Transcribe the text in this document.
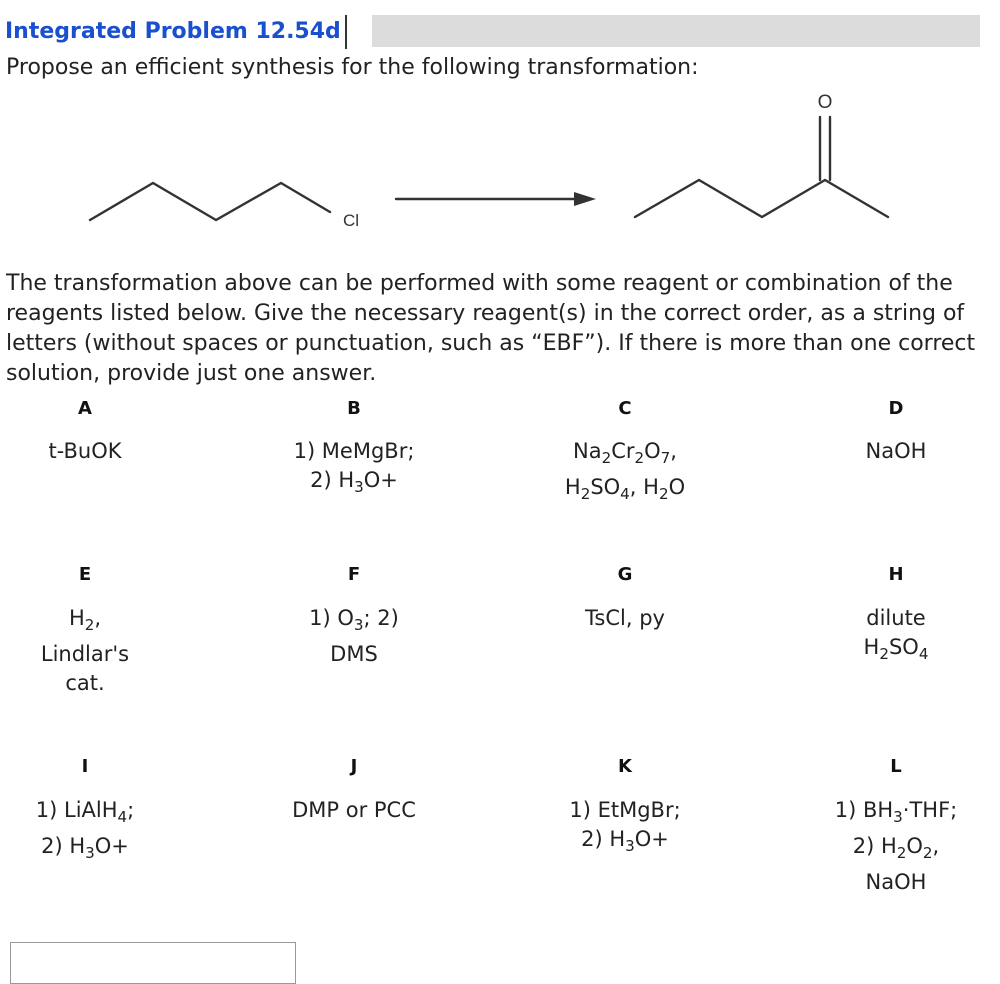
Integrated Problem 12.54d
Propose an efficient synthesis for the following transformation:
Cl
O
The transformation above can be performed with some reagent or combination of the reagents listed below. Give the necessary reagent(s) in the correct order, as a string of letters (without spaces or punctuation, such as “EBF”). If there is more than one correct solution, provide just one answer.
A
t-BuOK
B
1) MeMgBr;
2) $H_3O+$
C
$Na_2Cr_2O_7$,
$H_2SO_4$, $H_2O$
D
NaOH
E
$H_2$,
Lindlar's
cat.
F
1) $O_3$; 2)
DMS
G
TsCl, py
H
dilute
$H_2SO_4$
I
1) LiAlH$_4$;
2) $H_3O+$
J
DMP or PCC
K
1) EtMgBr;
2) $H_3O+$
L
1) $BH_3\cdot THF$;
2) $H_2O_2$,
NaOH
